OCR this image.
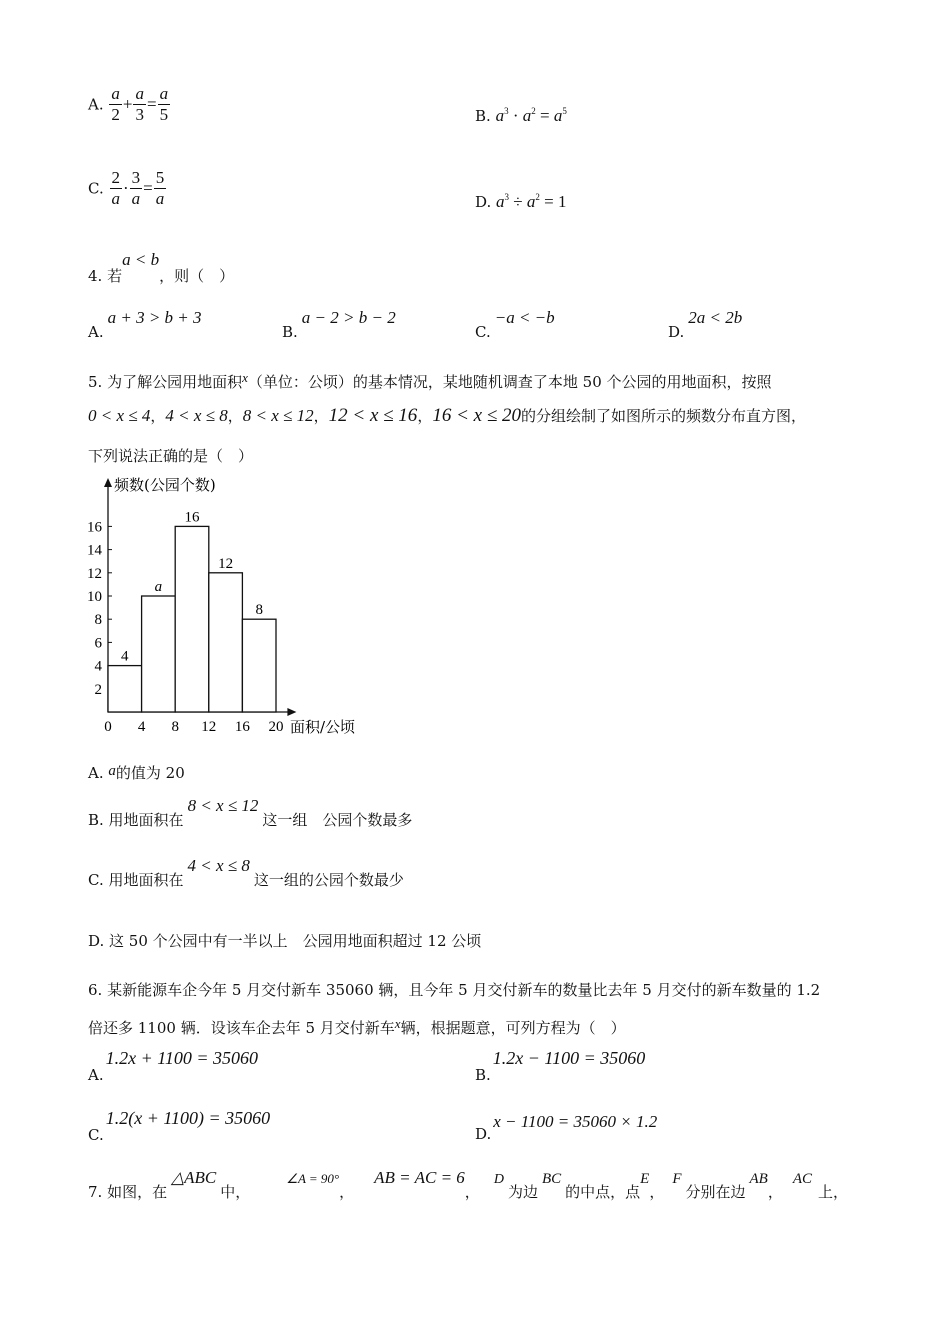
A. $\frac{a}{2} + \frac{a}{3} = \frac{a}{5}$	B. $a^3 \cdot a^2 = a^5$
C. $\frac{2}{a} \cdot \frac{3}{a} = \frac{5}{a}$	D. $a^3 \div a^2 = 1$
4. 若a < b，则（　）
A.a + 3 > b + 3
B.a − 2 > b − 2
C.−a < −b
D.2a < 2b
5. 为了解公园用地面积x（单位：公顷）的基本情况，某地随机调查了本地 50 个公园的用地面积，按照
0 < x ≤ 4，4 < x ≤ 8，8 < x ≤ 12，12 < x ≤ 16，16 < x ≤ 20的分组绘制了如图所示的频数分布直方图，
下列说法正确的是（　）
2
4
6
8
10
12
14
16
0 4 8 12 16 20
4
a
16
12
8
频数(公园个数)
面积/公顷
A. a的值为 20
B. 用地面积在8 < x ≤ 12这一组　公园个数最多
C. 用地面积在4 < x ≤ 8这一组的公园个数最少
D. 这 50 个公园中有一半以上　公园用地面积超过 12 公顷
6. 某新能源车企今年 5 月交付新车 35060 辆，且今年 5 月交付新车的数量比去年 5 月交付的新车数量的 1.2
倍还多 1100 辆．设该车企去年 5 月交付新车x辆，根据题意，可列方程为（　）
A.1.2x + 1100 = 35060
B.1.2x − 1100 = 35060
C.1.2(x + 1100) = 35060
D.x − 1100 = 35060 × 1.2
7. 如图，在△ABC中，∠A = 90°，AB = AC = 6，D为边BC的中点，点E，F分别在边AB，AC上，
